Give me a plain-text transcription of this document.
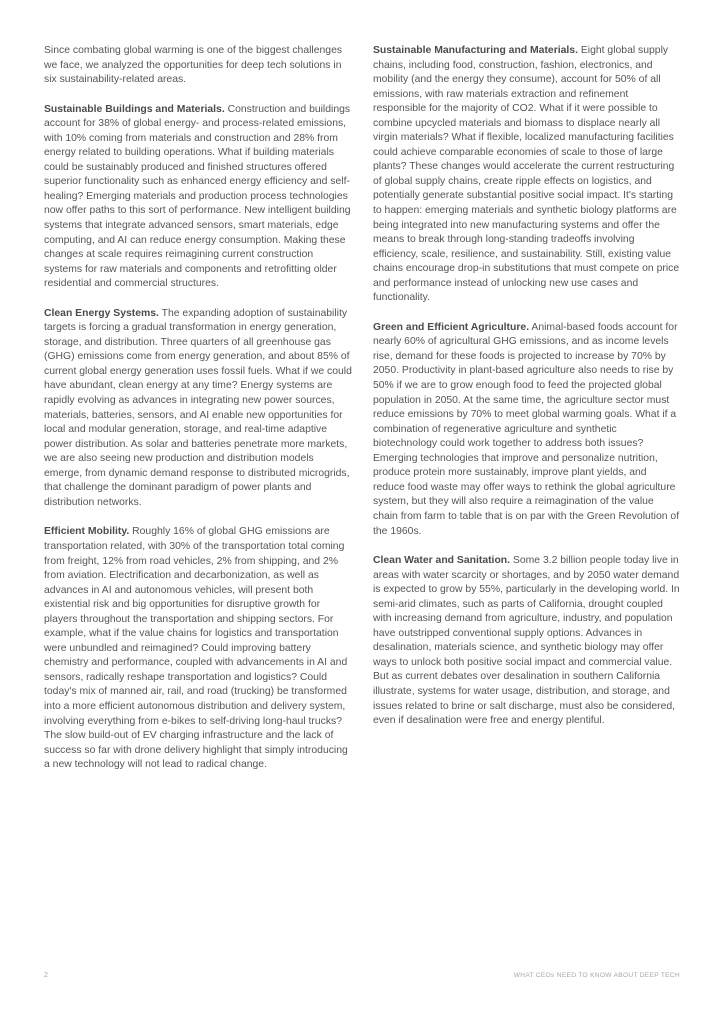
Since combating global warming is one of the biggest challenges we face, we analyzed the opportunities for deep tech solutions in six sustainability-related areas.

Sustainable Buildings and Materials. Construction and buildings account for 38% of global energy- and process-related emissions, with 10% coming from materials and construction and 28% from energy related to building operations. What if building materials could be sustainably produced and finished structures offered superior functionality such as enhanced energy efficiency and self-healing? Emerging materials and production process technologies now offer paths to this sort of performance. New intelligent building systems that integrate advanced sensors, smart materials, edge computing, and AI can reduce energy consumption. Making these changes at scale requires reimagining current construction systems for raw materials and components and retrofitting older residential and commercial structures.

Clean Energy Systems. The expanding adoption of sustainability targets is forcing a gradual transformation in energy generation, storage, and distribution. Three quarters of all greenhouse gas (GHG) emissions come from energy generation, and about 85% of current global energy generation uses fossil fuels. What if we could have abundant, clean energy at any time? Energy systems are rapidly evolving as advances in integrating new power sources, materials, batteries, sensors, and AI enable new opportunities for local and modular generation, storage, and real-time adaptive power distribution. As solar and batteries penetrate more markets, we are also seeing new production and distribution models emerge, from dynamic demand response to distributed microgrids, that challenge the dominant paradigm of power plants and distribution networks.

Efficient Mobility. Roughly 16% of global GHG emissions are transportation related, with 30% of the transportation total coming from freight, 12% from road vehicles, 2% from shipping, and 2% from aviation. Electrification and decarbonization, as well as advances in AI and autonomous vehicles, will present both existential risk and big opportunities for disruptive growth for players throughout the transportation and shipping sectors. For example, what if the value chains for logistics and transportation were unbundled and reimagined? Could improving battery chemistry and performance, coupled with advancements in AI and sensors, radically reshape transportation and logistics? Could today's mix of manned air, rail, and road (trucking) be transformed into a more efficient autonomous distribution and delivery system, involving everything from e-bikes to self-driving long-haul trucks? The slow build-out of EV charging infrastructure and the lack of success so far with drone delivery highlight that simply introducing a new technology will not lead to radical change.

Sustainable Manufacturing and Materials. Eight global supply chains, including food, construction, fashion, electronics, and mobility (and the energy they consume), account for 50% of all emissions, with raw materials extraction and refinement responsible for the majority of CO2. What if it were possible to combine upcycled materials and biomass to displace nearly all virgin materials? What if flexible, localized manufacturing facilities could achieve comparable economies of scale to those of large plants? These changes would accelerate the current restructuring of global supply chains, create ripple effects on logistics, and potentially generate substantial positive social impact. It's starting to happen: emerging materials and synthetic biology platforms are being integrated into new manufacturing systems and offer the means to break through long-standing tradeoffs involving efficiency, scale, resilience, and sustainability. Still, existing value chains encourage drop-in substitutions that must compete on price and performance instead of unlocking new use cases and functionality.

Green and Efficient Agriculture. Animal-based foods account for nearly 60% of agricultural GHG emissions, and as income levels rise, demand for these foods is projected to increase by 70% by 2050. Productivity in plant-based agriculture also needs to rise by 50% if we are to grow enough food to feed the projected global population in 2050. At the same time, the agriculture sector must reduce emissions by 70% to meet global warming goals. What if a combination of regenerative agriculture and synthetic biotechnology could work together to address both issues? Emerging technologies that improve and personalize nutrition, produce protein more sustainably, improve plant yields, and reduce food waste may offer ways to rethink the global agriculture system, but they will also require a reimagination of the value chain from farm to table that is on par with the Green Revolution of the 1960s.

Clean Water and Sanitation. Some 3.2 billion people today live in areas with water scarcity or shortages, and by 2050 water demand is expected to grow by 55%, particularly in the developing world. In semi-arid climates, such as parts of California, drought coupled with increasing demand from agriculture, industry, and population have outstripped conventional supply options. Advances in desalination, materials science, and synthetic biology may offer ways to unlock both positive social impact and commercial value. But as current debates over desalination in southern California illustrate, systems for water usage, distribution, and storage, and issues related to brine or salt discharge, must also be considered, even if desalination were free and energy plentiful.

2	WHAT CEOs NEED TO KNOW ABOUT DEEP TECH
